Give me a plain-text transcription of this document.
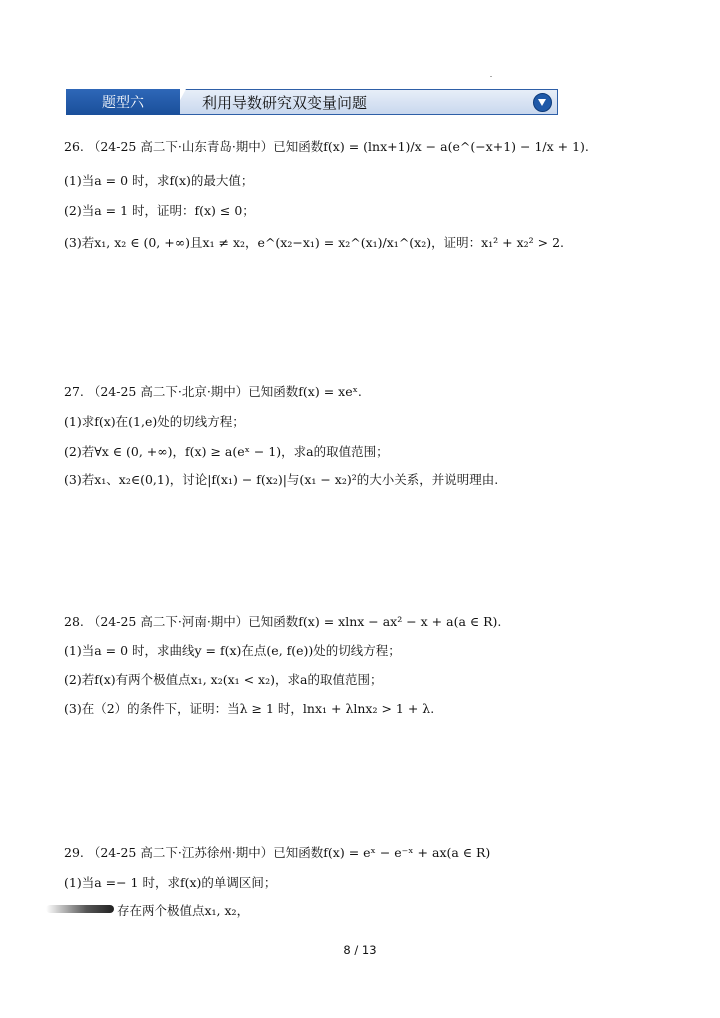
题型六	利用导数研究双变量问题
26. （24-25 高二下·山东青岛·期中）已知函数f(x) = (lnx+1)/x − a(e^(−x+1) − 1/x + 1).
(1)当a = 0 时，求f(x)的最大值；
(2)当a = 1 时，证明：f(x) ≤ 0；
(3)若x₁, x₂ ∈ (0, +∞)且x₁ ≠ x₂，e^(x₂−x₁) = x₂^(x₁)/x₁^(x₂)，证明：x₁² + x₂² > 2.
27. （24-25 高二下·北京·期中）已知函数f(x) = xeˣ.
(1)求f(x)在(1,e)处的切线方程；
(2)若∀x ∈ (0, +∞)，f(x) ≥ a(eˣ − 1)，求a的取值范围；
(3)若x₁、x₂∈(0,1)，讨论|f(x₁) − f(x₂)|与(x₁ − x₂)²的大小关系，并说明理由.
28. （24-25 高二下·河南·期中）已知函数f(x) = xlnx − ax² − x + a(a ∈ R).
(1)当a = 0 时，求曲线y = f(x)在点(e, f(e))处的切线方程；
(2)若f(x)有两个极值点x₁, x₂(x₁ < x₂)，求a的取值范围；
(3)在（2）的条件下，证明：当λ ≥ 1 时，lnx₁ + λlnx₂ > 1 + λ.
29. （24-25 高二下·江苏徐州·期中）已知函数f(x) = eˣ − e⁻ˣ + ax(a ∈ R)
(1)当a =− 1 时，求f(x)的单调区间；
存在两个极值点x₁, x₂，
8 / 13
